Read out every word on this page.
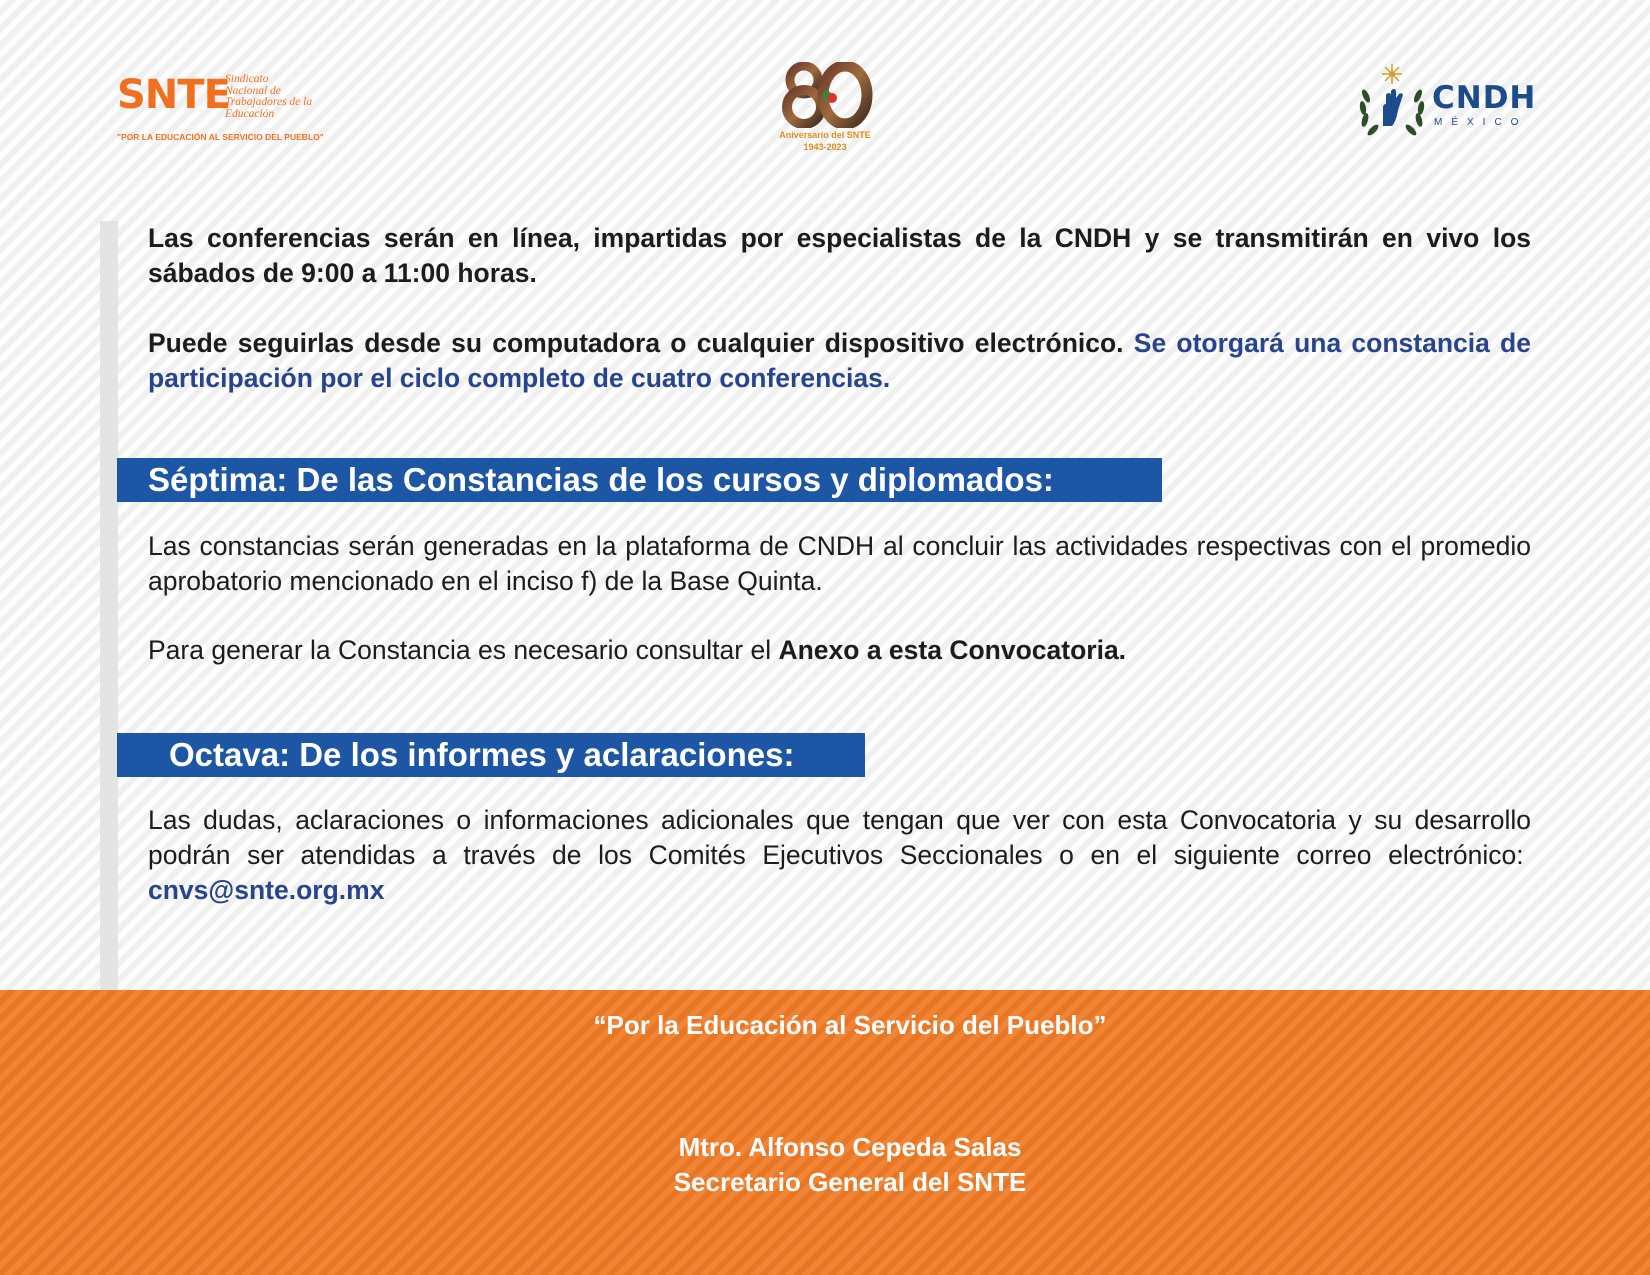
SNTE
Sindicato
Nacional de
Trabajadores de la
Educación
"POR LA EDUCACIÓN AL SERVICIO DEL PUEBLO"	Aniversario del SNTE
1943-2023
CNDH
MÉXICO

Las conferencias serán en línea, impartidas por especialistas de la CNDH y se transmitirán en vivo los sábados de 9:00 a 11:00 horas.

Puede seguirlas desde su computadora o cualquier dispositivo electrónico. Se otorgará una constancia de participación por el ciclo completo de cuatro conferencias.

Séptima: De las Constancias de los cursos y diplomados:

Las constancias serán generadas en la plataforma de CNDH al concluir las actividades respectivas con el promedio aprobatorio mencionado en el inciso f) de la Base Quinta.

Para generar la Constancia es necesario consultar el Anexo a esta Convocatoria.

Octava: De los informes y aclaraciones:

Las dudas, aclaraciones o informaciones adicionales que tengan que ver con esta Convocatoria y su desarrollo podrán ser atendidas a través de los Comités Ejecutivos Seccionales o en el siguiente correo electrónico:  cnvs@snte.org.mx

“Por la Educación al Servicio del Pueblo”
Mtro. Alfonso Cepeda Salas
Secretario General del SNTE
